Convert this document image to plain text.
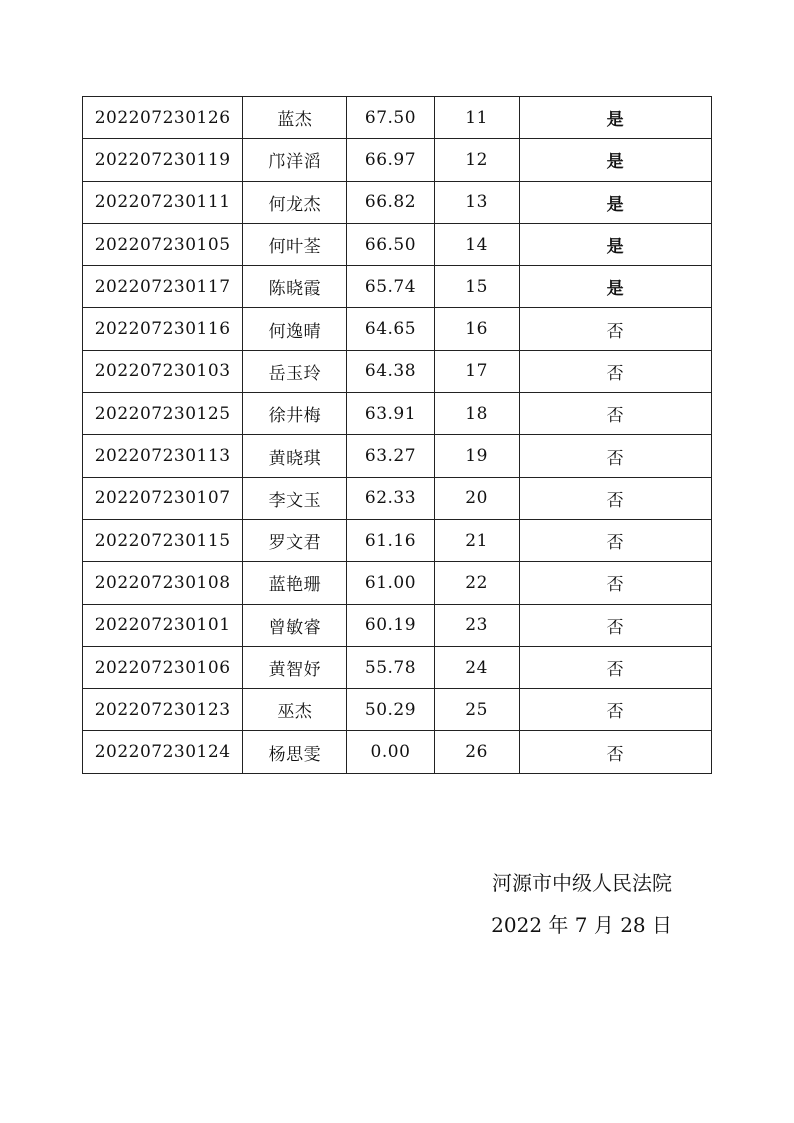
202207230126	蓝杰	67.50	11	是
202207230119	邝洋滔	66.97	12	是
202207230111	何龙杰	66.82	13	是
202207230105	何叶荃	66.50	14	是
202207230117	陈晓霞	65.74	15	是
202207230116	何逸晴	64.65	16	否
202207230103	岳玉玲	64.38	17	否
202207230125	徐井梅	63.91	18	否
202207230113	黄晓琪	63.27	19	否
202207230107	李文玉	62.33	20	否
202207230115	罗文君	61.16	21	否
202207230108	蓝艳珊	61.00	22	否
202207230101	曾敏睿	60.19	23	否
202207230106	黄智妤	55.78	24	否
202207230123	巫杰	50.29	25	否
202207230124	杨思雯	0.00	26	否
河源市中级人民法院
2022 年 7 月 28 日
